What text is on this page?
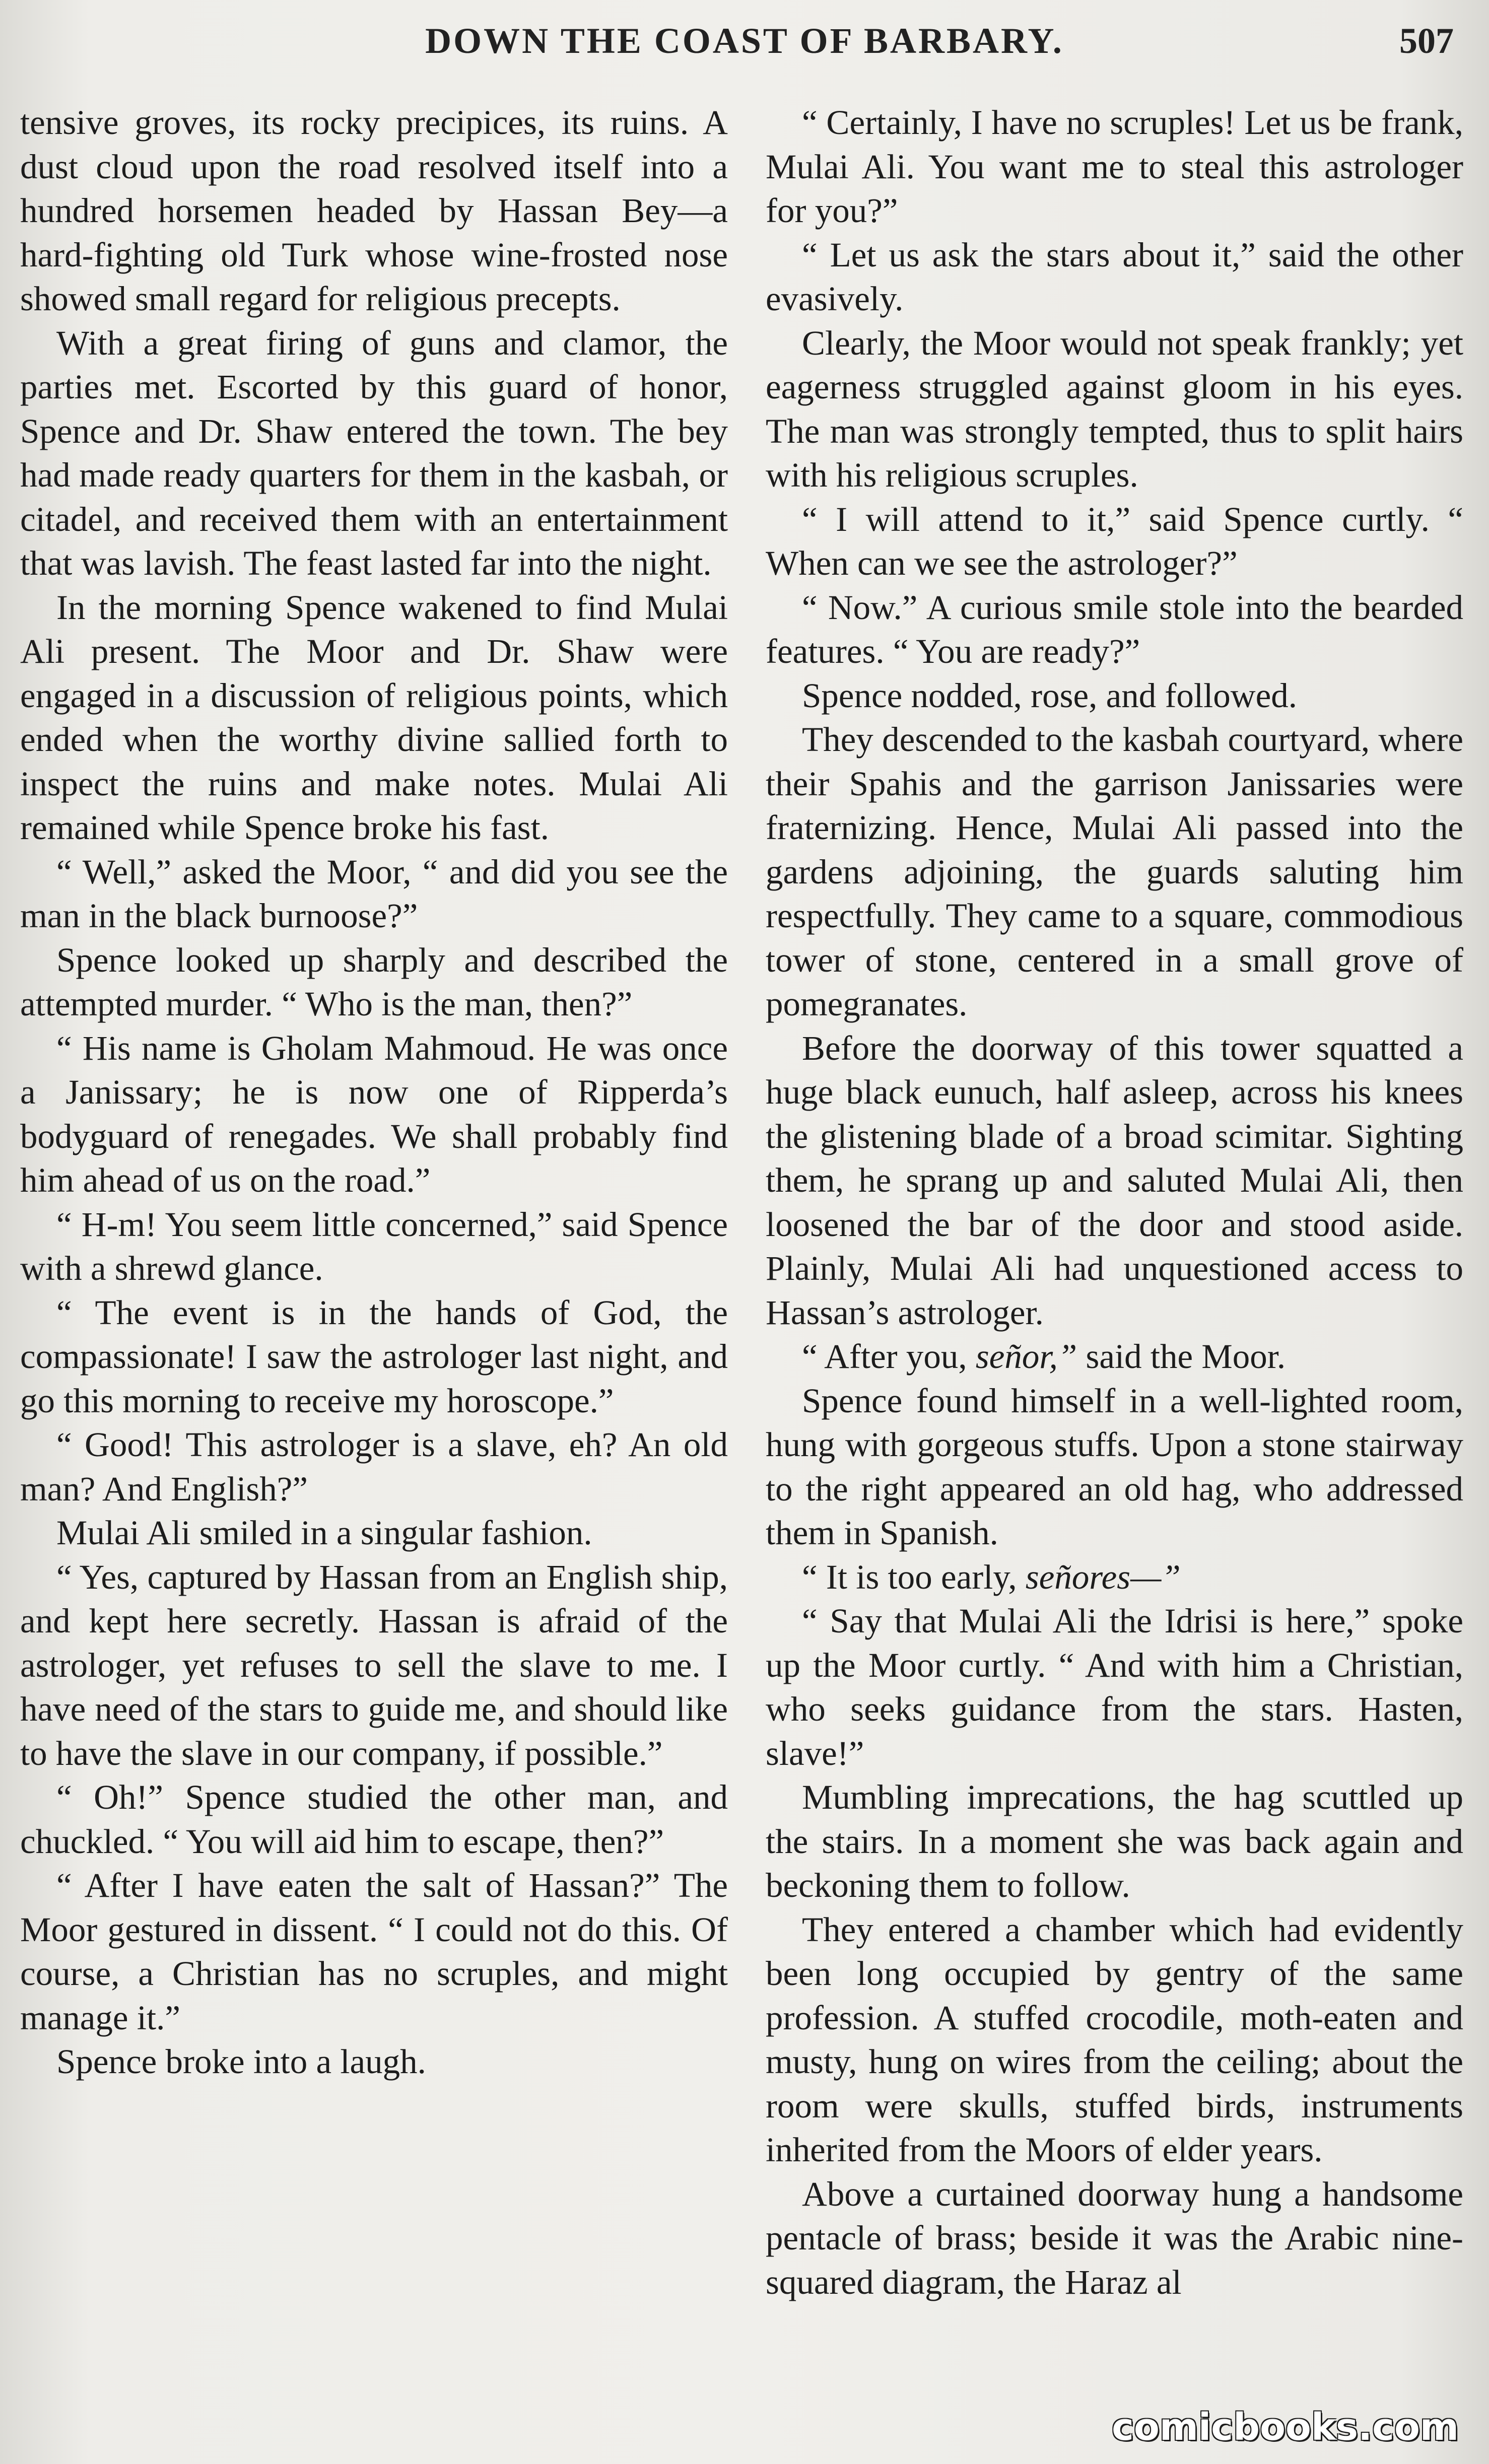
DOWN THE COAST OF BARBARY.	507

tensive groves, its rocky precipices, its ruins. A dust cloud upon the road resolved itself into a hundred horsemen headed by Hassan Bey—a hard-fighting old Turk whose wine-frosted nose showed small regard for religious precepts.

With a great firing of guns and clamor, the parties met. Escorted by this guard of honor, Spence and Dr. Shaw entered the town. The bey had made ready quarters for them in the kasbah, or citadel, and received them with an entertainment that was lavish. The feast lasted far into the night.

In the morning Spence wakened to find Mulai Ali present. The Moor and Dr. Shaw were engaged in a discussion of religious points, which ended when the worthy divine sallied forth to inspect the ruins and make notes. Mulai Ali remained while Spence broke his fast.

“ Well,” asked the Moor, “ and did you see the man in the black burnoose?”

Spence looked up sharply and described the attempted murder. “ Who is the man, then?”

“ His name is Gholam Mahmoud. He was once a Janissary; he is now one of Ripperda’s bodyguard of renegades. We shall probably find him ahead of us on the road.”

“ H-m! You seem little concerned,” said Spence with a shrewd glance.

“ The event is in the hands of God, the compassionate! I saw the astrologer last night, and go this morning to receive my horoscope.”

“ Good! This astrologer is a slave, eh? An old man? And English?”

Mulai Ali smiled in a singular fashion.

“ Yes, captured by Hassan from an English ship, and kept here secretly. Hassan is afraid of the astrologer, yet refuses to sell the slave to me. I have need of the stars to guide me, and should like to have the slave in our company, if possible.”

“ Oh!” Spence studied the other man, and chuckled. “ You will aid him to escape, then?”

“ After I have eaten the salt of Hassan?” The Moor gestured in dissent. “ I could not do this. Of course, a Christian has no scruples, and might manage it.”

Spence broke into a laugh.

“ Certainly, I have no scruples! Let us be frank, Mulai Ali. You want me to steal this astrologer for you?”

“ Let us ask the stars about it,” said the other evasively.

Clearly, the Moor would not speak frankly; yet eagerness struggled against gloom in his eyes. The man was strongly tempted, thus to split hairs with his religious scruples.

“ I will attend to it,” said Spence curtly. “ When can we see the astrologer?”

“ Now.” A curious smile stole into the bearded features. “ You are ready?”

Spence nodded, rose, and followed.

They descended to the kasbah courtyard, where their Spahis and the garrison Janissaries were fraternizing. Hence, Mulai Ali passed into the gardens adjoining, the guards saluting him respectfully. They came to a square, commodious tower of stone, centered in a small grove of pomegranates.

Before the doorway of this tower squatted a huge black eunuch, half asleep, across his knees the glistening blade of a broad scimitar. Sighting them, he sprang up and saluted Mulai Ali, then loosened the bar of the door and stood aside. Plainly, Mulai Ali had unquestioned access to Hassan’s astrologer.

“ After you, señor,” said the Moor.

Spence found himself in a well-lighted room, hung with gorgeous stuffs. Upon a stone stairway to the right appeared an old hag, who addressed them in Spanish.

“ It is too early, señores—”

“ Say that Mulai Ali the Idrisi is here,” spoke up the Moor curtly. “ And with him a Christian, who seeks guidance from the stars. Hasten, slave!”

Mumbling imprecations, the hag scuttled up the stairs. In a moment she was back again and beckoning them to follow.

They entered a chamber which had evidently been long occupied by gentry of the same profession. A stuffed crocodile, moth-eaten and musty, hung on wires from the ceiling; about the room were skulls, stuffed birds, instruments inherited from the Moors of elder years.

Above a curtained doorway hung a handsome pentacle of brass; beside it was the Arabic nine-squared diagram, the Haraz al

comicbooks.com
